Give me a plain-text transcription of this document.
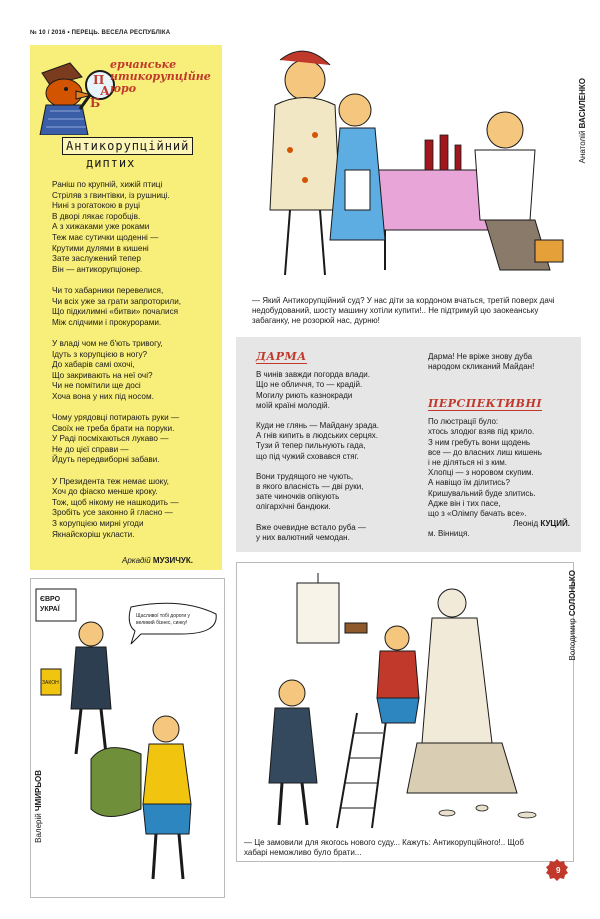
№ 10 / 2016 • ПЕРЕЦЬ. ВЕСЕЛА РЕСПУБЛІКА
П
А
Б
ерчанське
нтикорупційне
юро
Антикорупційний
диптих
Раніш по крупній, хижій птиці
Стріляв з гвинтівки, із рушниці.
Нині з рогатокою в руці
В дворі лякає горобців.
А з хижаками уже роками
Теж має сутички щоденні —
Крутими дулями в кишені
Зате заслужений тепер
Він — антикорупціонер.
Чи то хабарники перевелися,
Чи всіх уже за грати запроторили,
Що підкилимні «битви» почалися
Між слідчими і прокурорами.
У владі чом не б'ють тривогу,
Ідуть з корупцією в ногу?
До хабарів самі охочі,
Що закривають на неї очі?
Чи не помітили ще досі
Хоча вона у них під носом.
Чому урядовці потирають руки —
Своїх не треба брати на поруки.
У Раді посміхаються лукаво —
Не до цієї справи —
Йдуть передвиборні забави.
У Президента теж немає шоку,
Хоч до фіаско менше кроку.
Тож, щоб нікому не нашкодить —
Зробіть усе законно й гласно —
З корупцією мирні угоди
Якнайскоріш укласти.
Аркадій МУЗИЧУК.
Анатолій ВАСИЛЕНКО
— Який Антикорупційний суд? У нас діти за кордоном вчаться, третій поверх дачі недобудований, шосту машину хотіли купити!.. Не підтримуй цю заокеанську забаганку, не розорюй нас, дурню!
ДАРМА
В чинів завжди погорда влади.
Що не обличчя, то — крадій.
Могилу риють казнокради
моїй країні молодій.
Куди не глянь — Майдану зрада.
А гнів кипить в людських серцях.
Тузи й тепер пильнують гада,
що під чужий сховався стяг.
Вони трудящого не чують,
в якого власність — дві руки,
зате чиночків опікують
олігархічні бандюки.
Вже очевидне встало руба —
у них валютний чемодан.
Дарма! Не вріже знову дуба
народом скликаний Майдан!
ПЕРСПЕКТИВНІ
По люстрації було:
хтось злодюг взяв під крило.
З ним гребуть вони щодень
все — до власних лиш кишень
і не діляться ні з ким.
Хлопці — з норовом скупим.
А навіщо їм ділитись?
Кришувальний буде злитись.
Адже він і тих пасе,
що з «Олімпу бачать все».
Леонід КУЦИЙ.
м. Вінниця.
ЄВРО
УКРАЇ
Щасливої тобі дороги у
великий бізнес, синку!
ЗАКОН
Валерій ЧМИРЬОВ
Володимир СОЛОНЬКО
— Це замовили для якогось нового суду... Кажуть: Антикорупційного!.. Щоб хабарі неможливо було брати...
9
